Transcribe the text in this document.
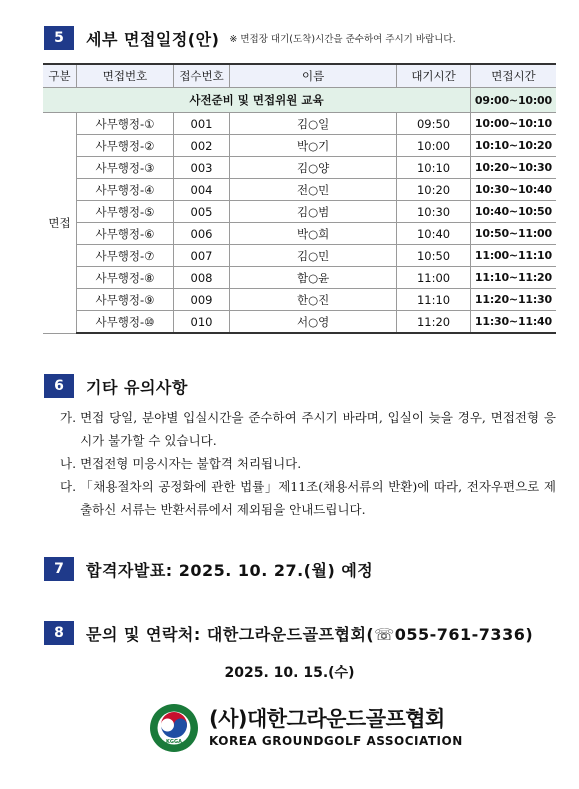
5	세부 면접일정(안) ※ 면접장 대기(도착)시간을 준수하여 주시기 바랍니다.
구분	면접번호	접수번호	이름	대기시간	면접시간
사전준비 및 면접위원 교육					09:00~10:00
면접	사무행정-①	001	김○일	09:50	10:00~10:10
	사무행정-②	002	박○기	10:00	10:10~10:20
	사무행정-③	003	김○양	10:10	10:20~10:30
	사무행정-④	004	전○민	10:20	10:30~10:40
	사무행정-⑤	005	김○범	10:30	10:40~10:50
	사무행정-⑥	006	박○희	10:40	10:50~11:00
	사무행정-⑦	007	김○민	10:50	11:00~11:10
	사무행정-⑧	008	함○윤	11:00	11:10~11:20
	사무행정-⑨	009	한○진	11:10	11:20~11:30
	사무행정-⑩	010	서○영	11:20	11:30~11:40
6	기타 유의사항
가. 면접 당일, 분야별 입실시간을 준수하여 주시기 바라며, 입실이 늦을 경우, 면접전형 응시가 불가할 수 있습니다.
나. 면접전형 미응시자는 불합격 처리됩니다.
다. 「채용절차의 공정화에 관한 법률」제11조(채용서류의 반환)에 따라, 전자우편으로 제출하신 서류는 반환서류에서 제외됨을 안내드립니다.
7	합격자발표: 2025. 10. 27.(월) 예정
8	문의 및 연락처: 대한그라운드골프협회(☏055-761-7336)
2025. 10. 15.(수)
KGGA
(사)대한그라운드골프협회
KOREA GROUNDGOLF ASSOCIATION
